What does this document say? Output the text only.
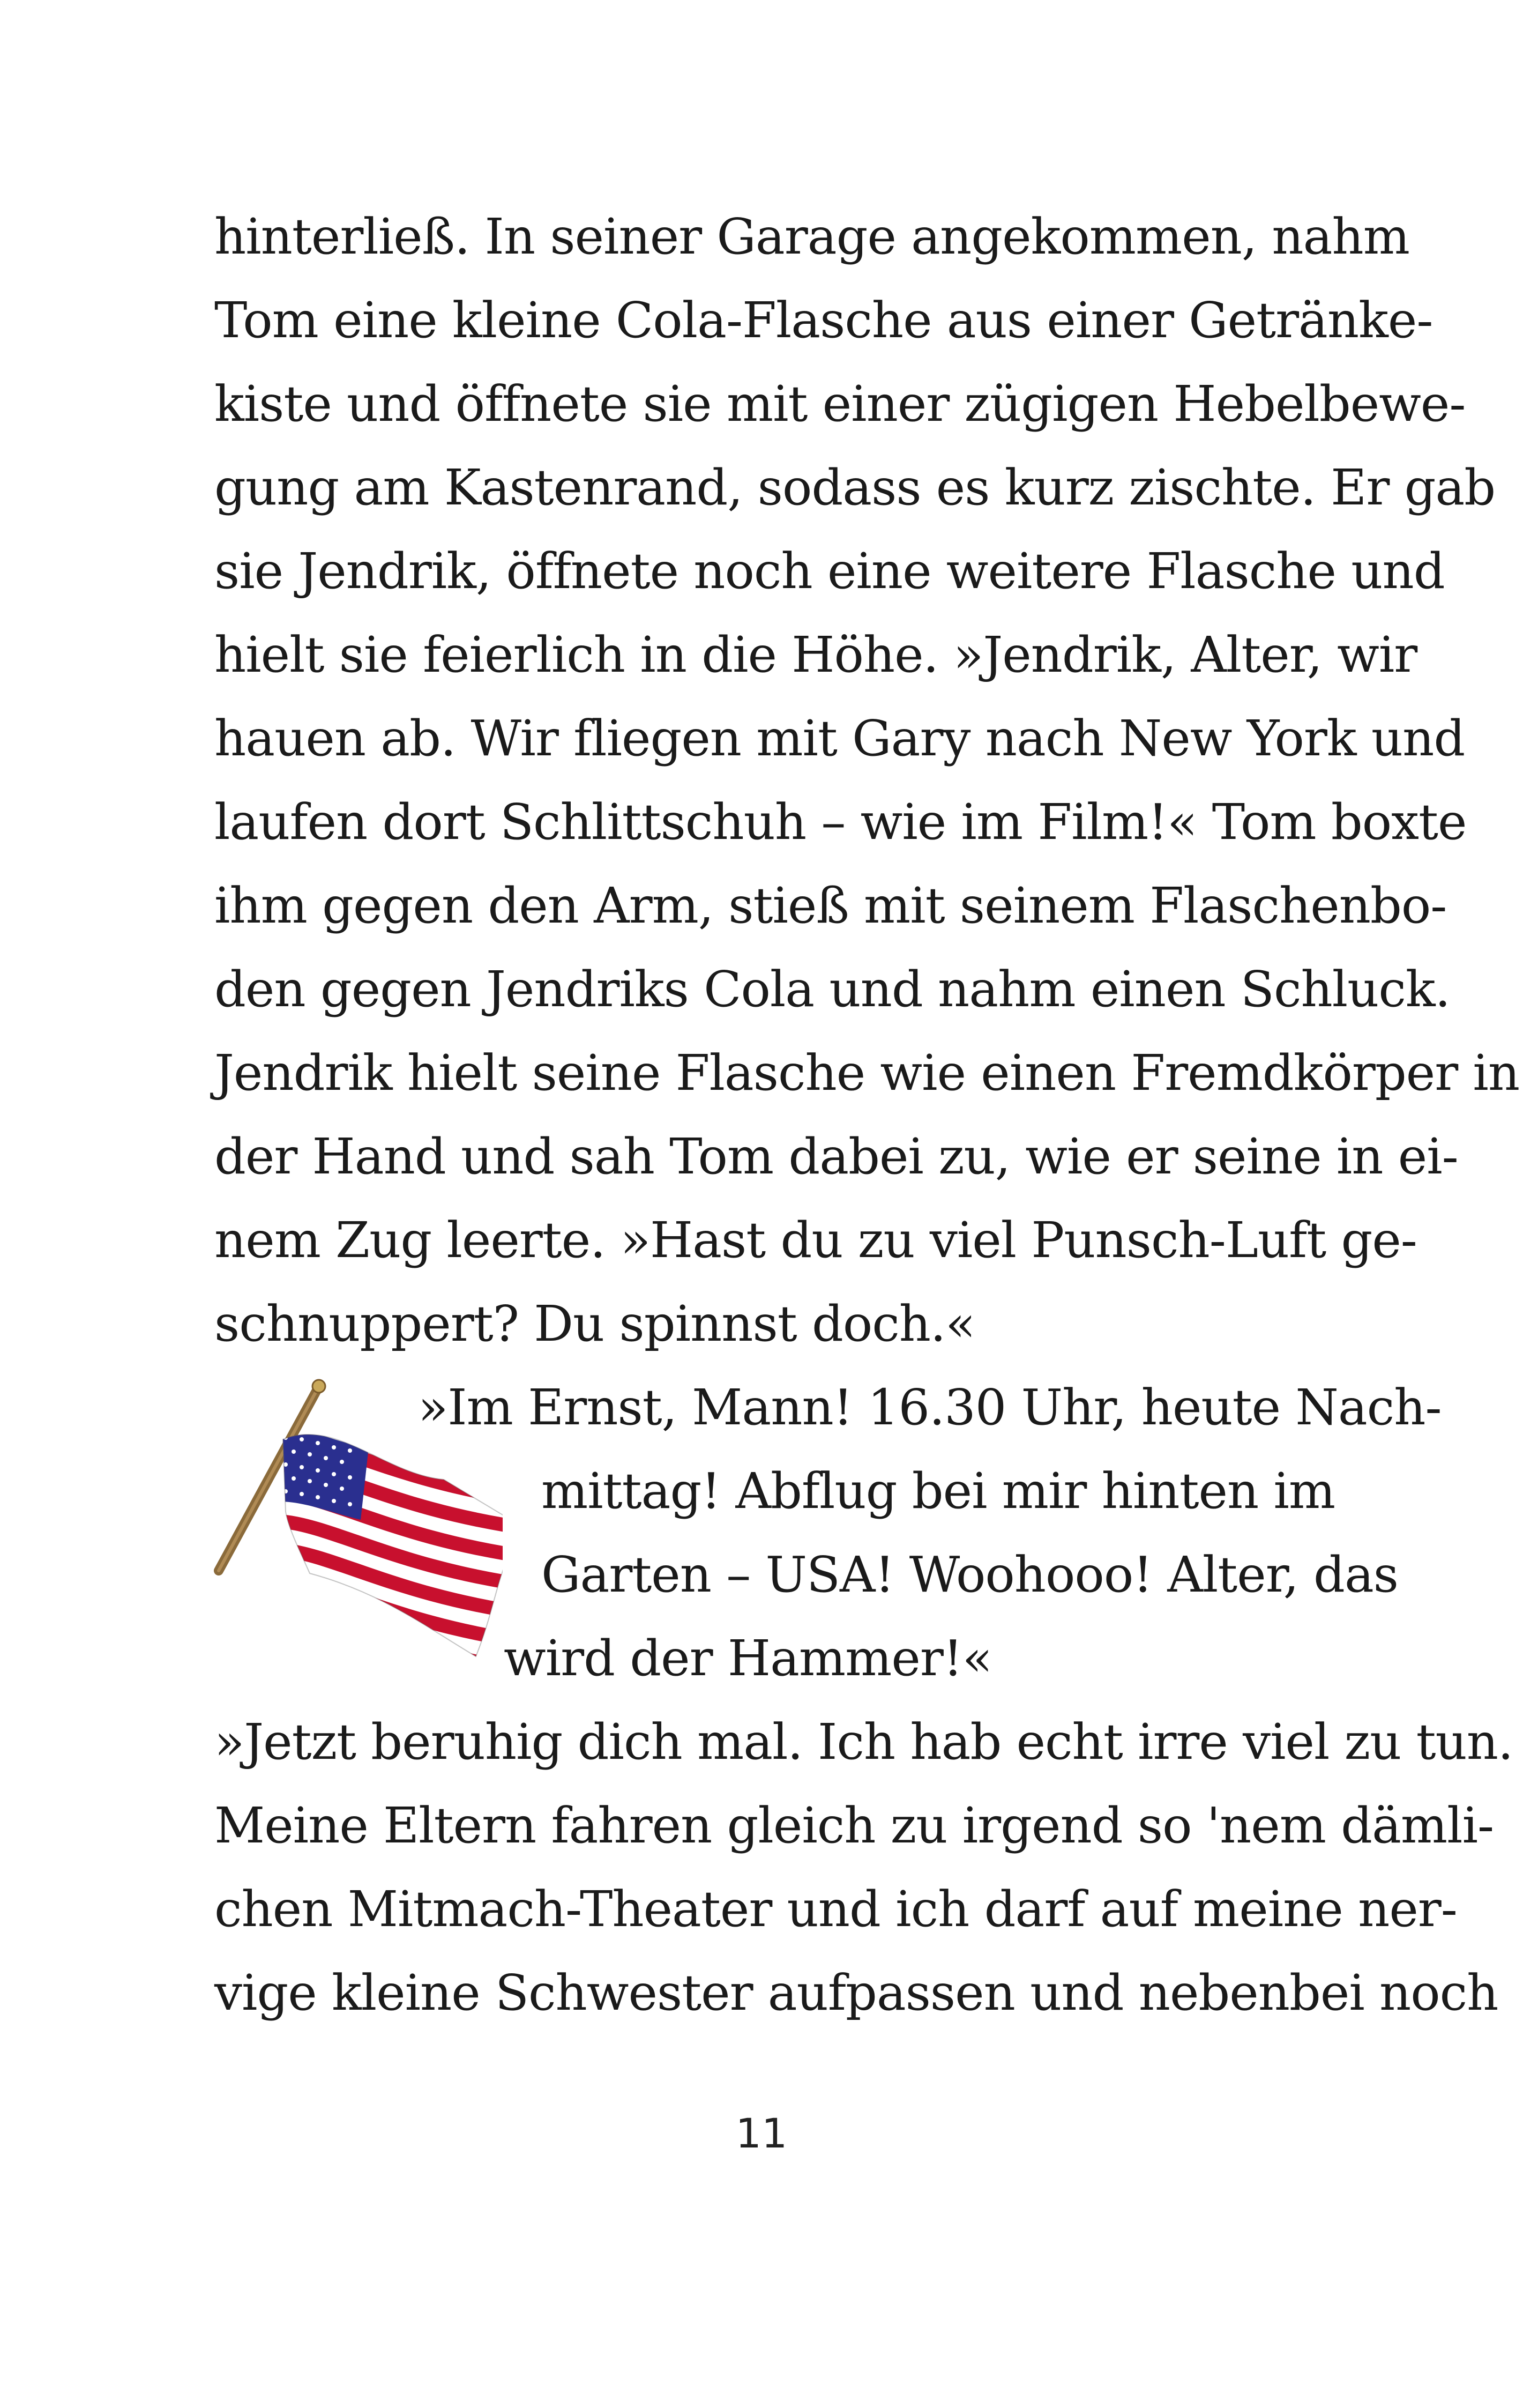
hinterließ. In seiner Garage angekommen, nahm
Tom eine kleine Cola-Flasche aus einer Getränke-
kiste und öffnete sie mit einer zügigen Hebelbewe-
gung am Kastenrand, sodass es kurz zischte. Er gab
sie Jendrik, öffnete noch eine weitere Flasche und
hielt sie feierlich in die Höhe. »Jendrik, Alter, wir
hauen ab. Wir fliegen mit Gary nach New York und
laufen dort Schlittschuh – wie im Film!« Tom boxte
ihm gegen den Arm, stieß mit seinem Flaschenbo-
den gegen Jendriks Cola und nahm einen Schluck.
Jendrik hielt seine Flasche wie einen Fremdkörper in
der Hand und sah Tom dabei zu, wie er seine in ei-
nem Zug leerte. »Hast du zu viel Punsch-Luft ge-
schnuppert? Du spinnst doch.«
»Im Ernst, Mann! 16.30 Uhr, heute Nach-
mittag! Abflug bei mir hinten im
Garten – USA! Woohooo! Alter, das
wird der Hammer!«
»Jetzt beruhig dich mal. Ich hab echt irre viel zu tun.
Meine Eltern fahren gleich zu irgend so 'nem dämli-
chen Mitmach-Theater und ich darf auf meine ner-
vige kleine Schwester aufpassen und nebenbei noch
11
